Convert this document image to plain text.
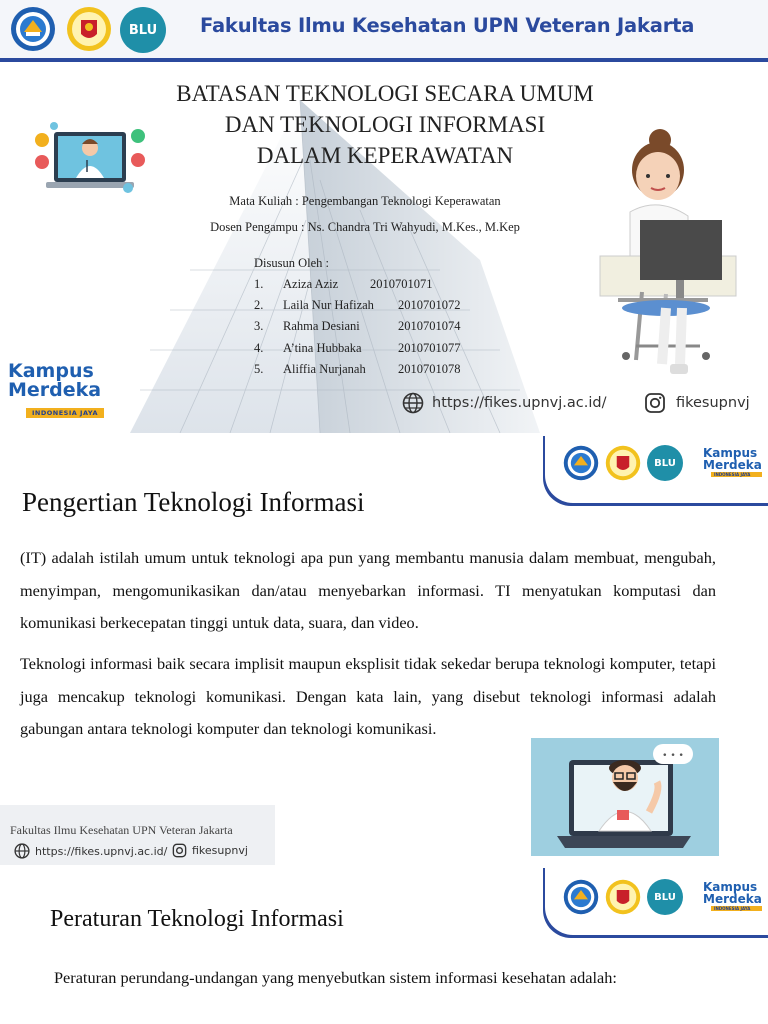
BLU	Fakultas Ilmu Kesehatan UPN Veteran Jakarta
BATASAN TEKNOLOGI SECARA UMUM
DAN TEKNOLOGI INFORMASI
DALAM KEPERAWATAN
Mata Kuliah : Pengembangan Teknologi Keperawatan
Dosen Pengampu : Ns. Chandra Tri Wahyudi, M.Kes., M.Kep
Disusun Oleh :
1. Aziza Aziz	2010701071
2. Laila Nur Hafizah 2010701072
3. Rahma Desiani	2010701074
4. A’tina Hubbaka	2010701077
5. Aliffia Nurjanah	2010701078
Kampus
Merdeka
INDONESIA JAYA
https://fikes.upnvj.ac.id/	fikesupnvj
BLU
Kampus
Merdeka
INDONESIA JAYA
Pengertian Teknologi Informasi
(IT) adalah istilah umum untuk teknologi apa pun yang membantu manusia dalam membuat, mengubah, menyimpan, mengomunikasikan dan/atau menyebarkan informasi. TI menyatukan komputasi dan komunikasi berkecepatan tinggi untuk data, suara, dan video.
Teknologi informasi baik secara implisit maupun eksplisit tidak sekedar berupa teknologi komputer, tetapi juga mencakup teknologi komunikasi. Dengan kata lain, yang disebut teknologi informasi adalah gabungan antara teknologi komputer dan teknologi komunikasi.
Fakultas Ilmu Kesehatan UPN Veteran Jakarta
https://fikes.upnvj.ac.id/ fikesupnvj
• • •
BLU
Kampus
Merdeka
INDONESIA JAYA
Peraturan Teknologi Informasi
Peraturan perundang-undangan yang menyebutkan sistem informasi kesehatan adalah:
